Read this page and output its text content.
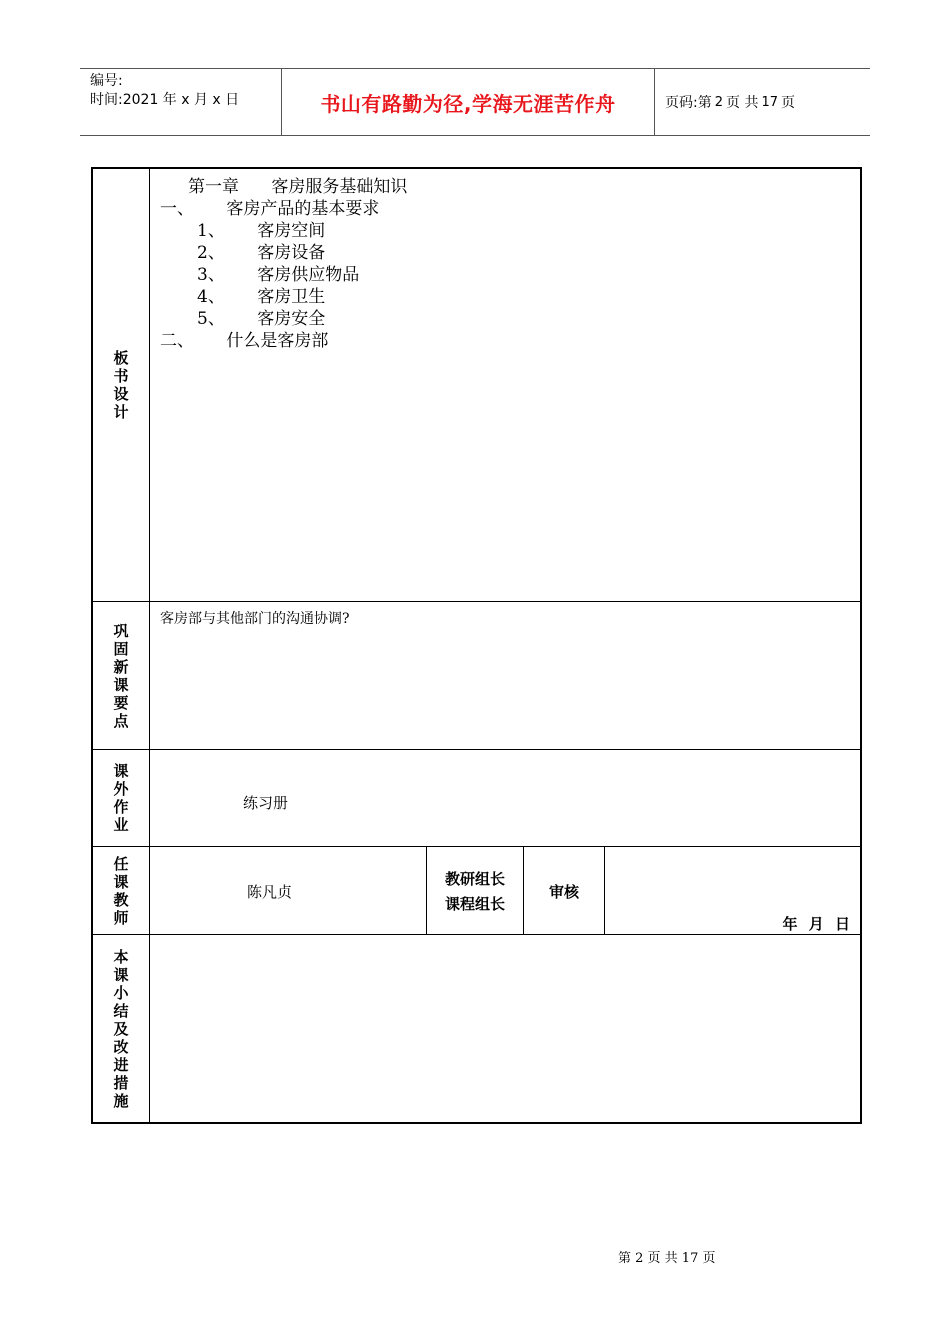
编号:
时间:2021 年 x 月 x 日	书山有路勤为径,学海无涯苦作舟	页码:第 2 页 共 17 页
板书设计
第一章      客房服务基础知识
一、      客房产品的基本要求
1、      客房空间
2、      客房设备
3、      客房供应物品
4、      客房卫生
5、      客房安全
二、      什么是客房部
巩固新课要点
客房部与其他部门的沟通协调?
课外作业
练习册
任课教师
陈凡贞
教研组长
课程组长
审核
年 月 日
本课小结及改进措施
第 2 页 共 17 页
